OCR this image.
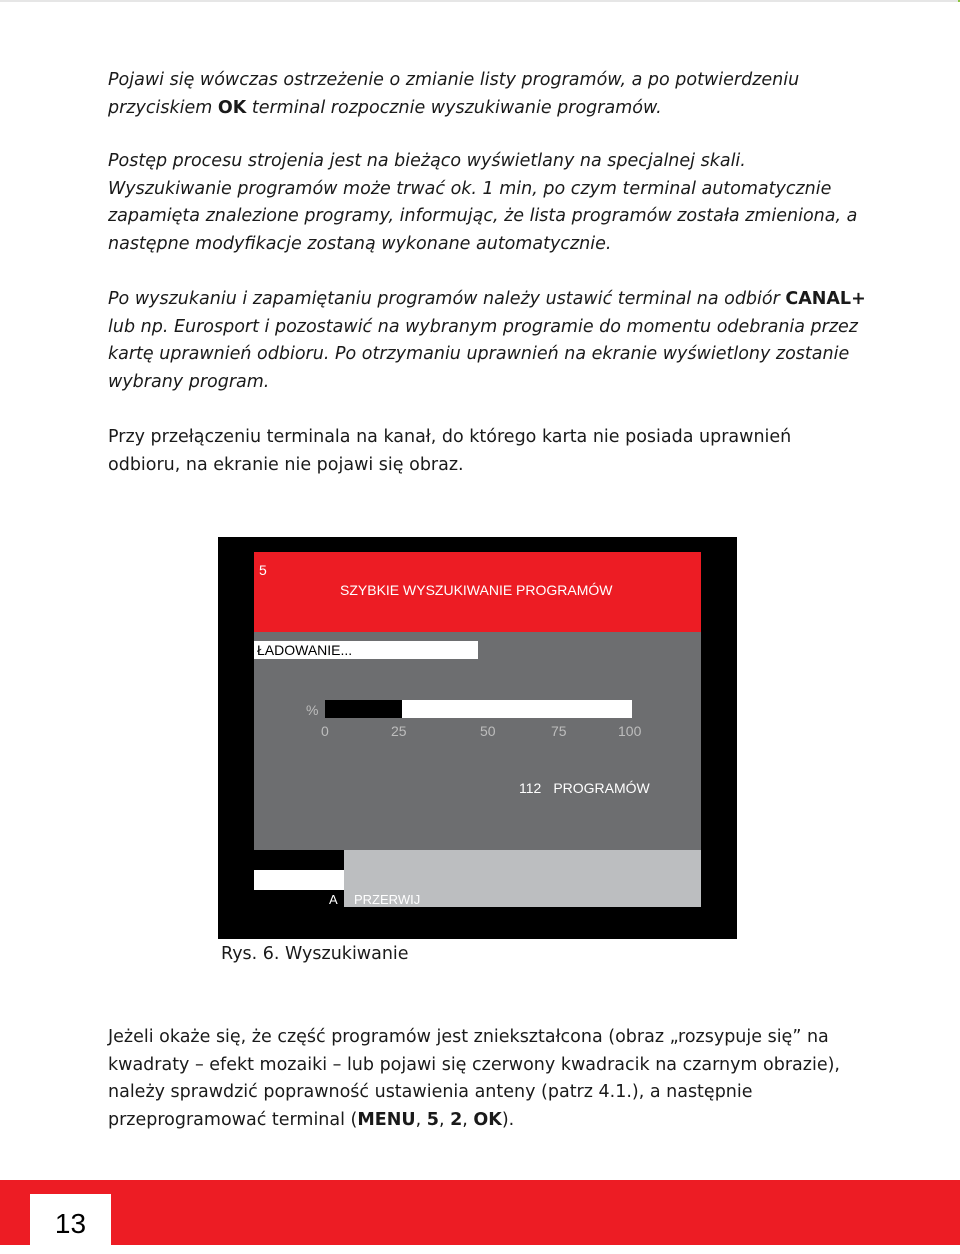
Pojawi się wówczas ostrzeżenie o zmianie listy programów, a po potwierdzeniu przyciskiem OK terminal rozpocznie wyszukiwanie programów.

Postęp procesu strojenia jest na bieżąco wyświetlany na specjalnej skali. Wyszukiwanie programów może trwać ok. 1 min, po czym terminal automatycznie zapamięta znalezione programy, informując, że lista programów została zmieniona, a następne modyfikacje zostaną wykonane automatycznie.

Po wyszukaniu i zapamiętaniu programów należy ustawić terminal na odbiór CANAL+ lub np. Eurosport i pozostawić na wybranym programie do momentu odebrania przez kartę uprawnień odbioru. Po otrzymaniu uprawnień na ekranie wyświetlony zostanie wybrany program.

Przy przełączeniu terminala na kanał, do którego karta nie posiada uprawnień odbioru, na ekranie nie pojawi się obraz.

5
SZYBKIE WYSZUKIWANIE PROGRAMÓW
ŁADOWANIE...
%
0	25	50	75	100
112 PROGRAMÓW
A PRZERWIJ
Rys. 6. Wyszukiwanie

Jeżeli okaże się, że część programów jest zniekształcona (obraz „rozsypuje się” na kwadraty – efekt mozaiki – lub pojawi się czerwony kwadracik na czarnym obrazie), należy sprawdzić poprawność ustawienia anteny (patrz 4.1.), a następnie przeprogramować terminal (MENU, 5, 2, OK).

13
